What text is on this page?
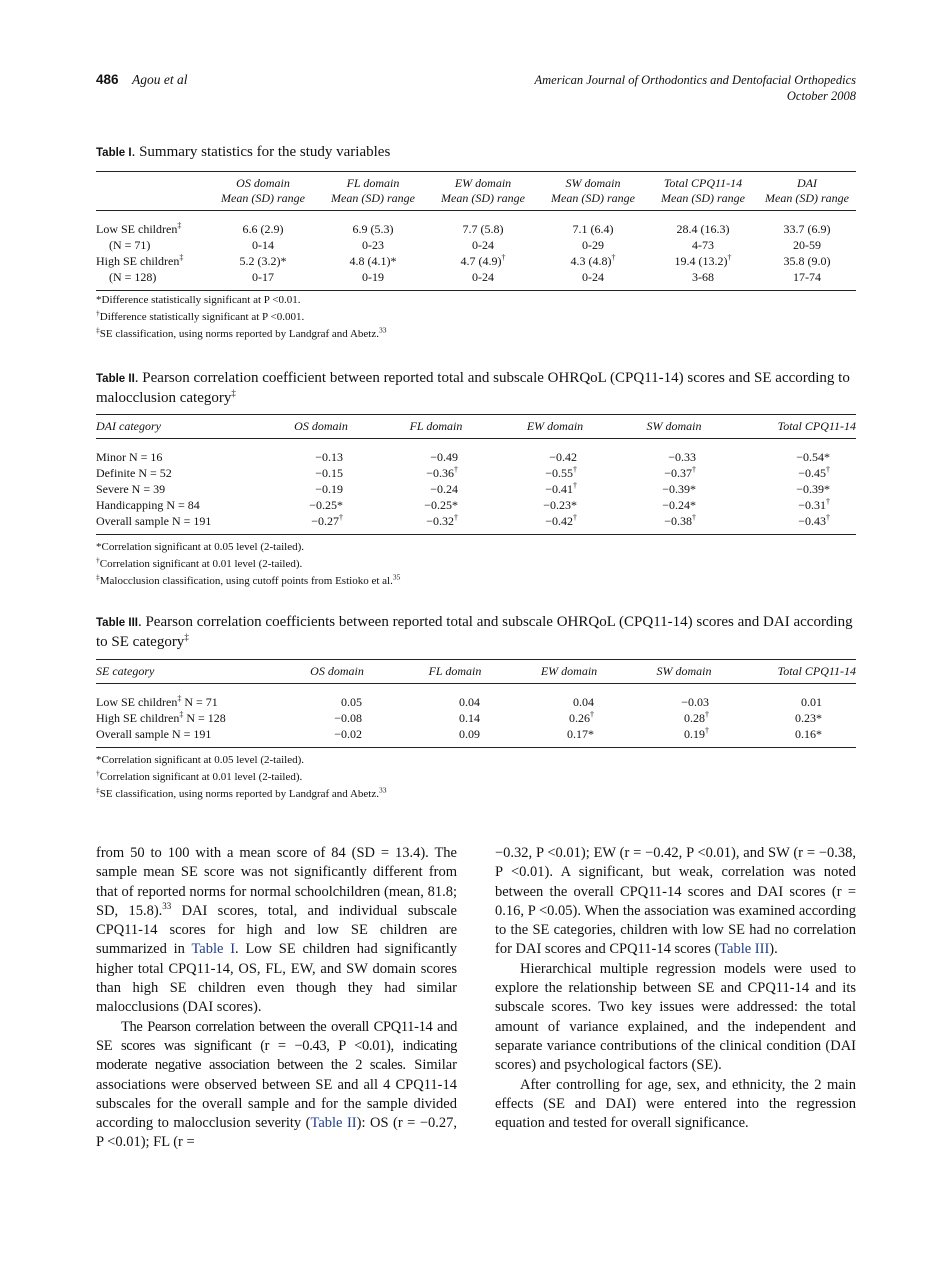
486 Agou et al	American Journal of Orthodontics and Dentofacial Orthopedics
October 2008
Table I. Summary statistics for the study variables
	OS domain	FL domain	EW domain	SW domain	Total CPQ11-14	DAI
	Mean (SD) range	Mean (SD) range	Mean (SD) range	Mean (SD) range	Mean (SD) range	Mean (SD) range
Low SE children‡	6.6 (2.9)	6.9 (5.3)	7.7 (5.8)	7.1 (6.4)	28.4 (16.3)	33.7 (6.9)
(N = 71)	0-14	0-23	0-24	0-29	4-73	20-59
High SE children‡	5.2 (3.2)*	4.8 (4.1)*	4.7 (4.9)†	4.3 (4.8)†	19.4 (13.2)†	35.8 (9.0)
(N = 128)	0-17	0-19	0-24	0-24	3-68	17-74
*Difference statistically significant at P <0.01.
†Difference statistically significant at P <0.001.
‡SE classification, using norms reported by Landgraf and Abetz.$^{33}$
Table II. Pearson correlation coefficient between reported total and subscale OHRQoL (CPQ11-14) scores and SE according to malocclusion category‡
DAI category	OS domain	FL domain	EW domain	SW domain	Total CPQ11-14
Minor N = 16	−0.13	−0.49	−0.42	−0.33	−0.54*
Definite N = 52	−0.15	−0.36†	−0.55†	−0.37†	−0.45†
Severe N = 39	−0.19	−0.24	−0.41†	−0.39*	−0.39*
Handicapping N = 84	−0.25*	−0.25*	−0.23*	−0.24*	−0.31†
Overall sample N = 191	−0.27†	−0.32†	−0.42†	−0.38†	−0.43†
*Correlation significant at 0.05 level (2-tailed).
†Correlation significant at 0.01 level (2-tailed).
‡Malocclusion classification, using cutoff points from Estioko et al.$^{35}$
Table III. Pearson correlation coefficients between reported total and subscale OHRQoL (CPQ11-14) scores and DAI according to SE category‡
SE category	OS domain	FL domain	EW domain	SW domain	Total CPQ11-14
Low SE children‡ N = 71	0.05	0.04	0.04	−0.03	0.01
High SE children‡ N = 128	−0.08	0.14	0.26†	0.28†	0.23*
Overall sample N = 191	−0.02	0.09	0.17*	0.19†	0.16*
*Correlation significant at 0.05 level (2-tailed).
†Correlation significant at 0.01 level (2-tailed).
‡SE classification, using norms reported by Landgraf and Abetz.$^{33}$

from 50 to 100 with a mean score of 84 (SD = 13.4). The sample mean SE score was not significantly different from that of reported norms for normal schoolchildren (mean, 81.8; SD, 15.8).$^{33}$ DAI scores, total, and individual subscale CPQ11-14 scores for high and low SE children are summarized in Table I. Low SE children had significantly higher total CPQ11-14, OS, FL, EW, and SW domain scores than high SE children even though they had similar malocclusions (DAI scores).

The Pearson correlation between the overall CPQ11-14 and SE scores was significant (r = −0.43, P <0.01), indicating moderate negative association between the 2 scales. Similar associations were observed between SE and all 4 CPQ11-14 subscales for the overall sample and for the sample divided according to malocclusion severity (Table II): OS (r = −0.27, P <0.01); FL (r =

−0.32, P <0.01); EW (r = −0.42, P <0.01), and SW (r = −0.38, P <0.01). A significant, but weak, correlation was noted between the overall CPQ11-14 scores and DAI scores (r = 0.16, P <0.05). When the association was examined according to the SE categories, children with low SE had no correlation for DAI scores and CPQ11-14 scores (Table III).

Hierarchical multiple regression models were used to explore the relationship between SE and CPQ11-14 and its subscale scores. Two key issues were addressed: the total amount of variance explained, and the independent and separate variance contributions of the clinical condition (DAI scores) and psychological factors (SE).

After controlling for age, sex, and ethnicity, the 2 main effects (SE and DAI) were entered into the regression equation and tested for overall significance.
